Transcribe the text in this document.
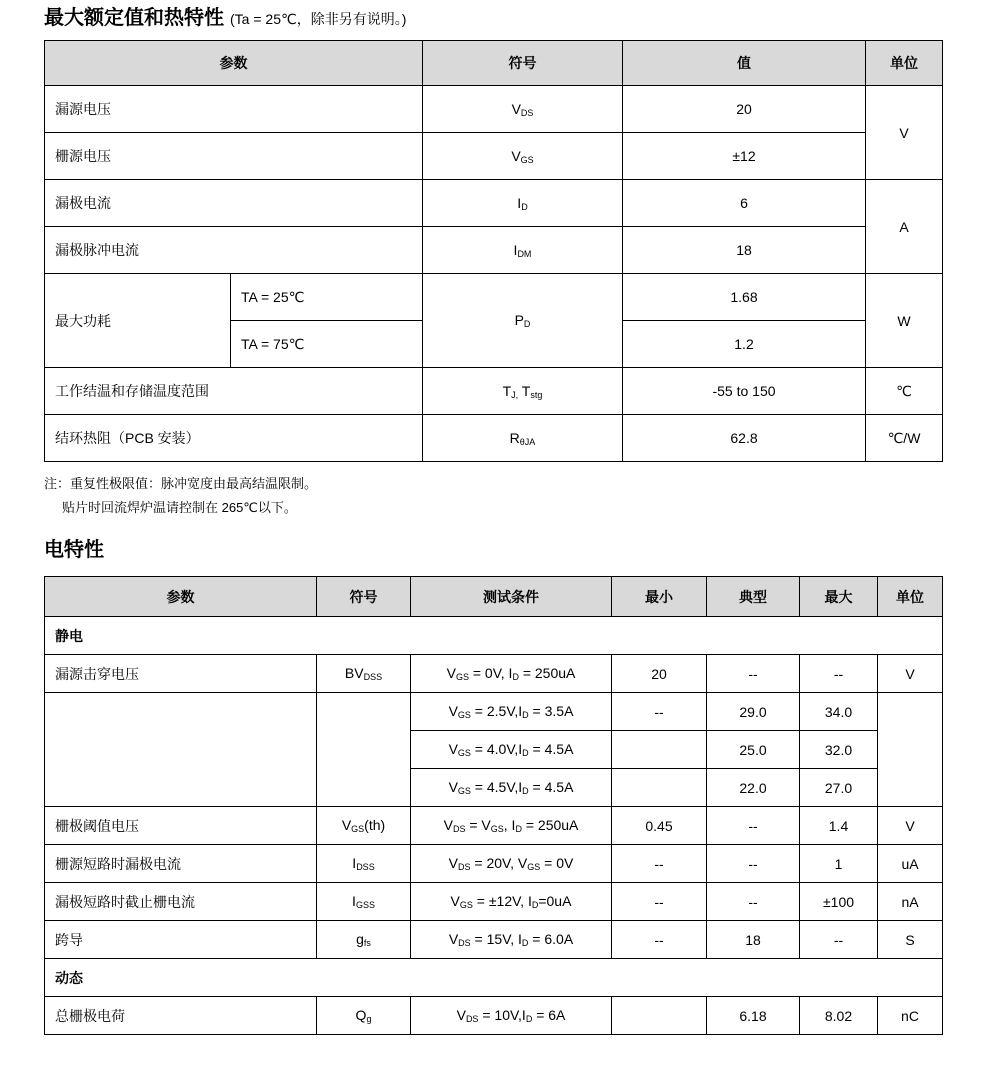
最大额定值和热特性 (Ta = 25℃，除非另有说明。)
参数		符号	值	单位
漏源电压		$V_{DS}$	20	V
栅源电压		$V_{GS}$	±12	
漏极电流		$I_D$	6	A
漏极脉冲电流		$I_{DM}$	18	
最大功耗	TA = 25℃	$P_D$	1.68	W
	TA = 75℃		1.2	
工作结温和存储温度范围		$T_{J,}$ $T_{stg}$	-55 to 150	℃
结环热阻（PCB 安装）		$R_{\theta JA}$	62.8	℃/W
注：重复性极限值：脉冲宽度由最高结温限制。
贴片时回流焊炉温请控制在 265℃以下。
电特性
参数	符号	测试条件	最小	典型	最大	单位
静电						
漏源击穿电压	$BV_{DSS}$	$V_{GS} = 0V$, $I_D = 250uA$	20	--	--	V
		$V_{GS} = 2.5V,I_D = 3.5A$	--	29.0	34.0	
		$V_{GS} = 4.0V,I_D = 4.5A$		25.0	32.0	
		$V_{GS} = 4.5V,I_D = 4.5A$		22.0	27.0	
栅极阈值电压	$V_{GS}(th)$	$V_{DS} = V_{GS}$, $I_D = 250uA$	0.45	--	1.4	V
栅源短路时漏极电流	$I_{DSS}$	$V_{DS} = 20V$, $V_{GS} = 0V$	--	--	1	uA
漏极短路时截止栅电流	$I_{GSS}$	$V_{GS} = \pm 12V$, $I_D=0uA$	--	--	±100	nA
跨导	$g_{fs}$	$V_{DS} = 15V$, $I_D = 6.0A$	--	18	--	S
动态						
总栅极电荷	$Q_g$	$V_{DS} = 10V,I_D = 6A$		6.18	8.02	nC
